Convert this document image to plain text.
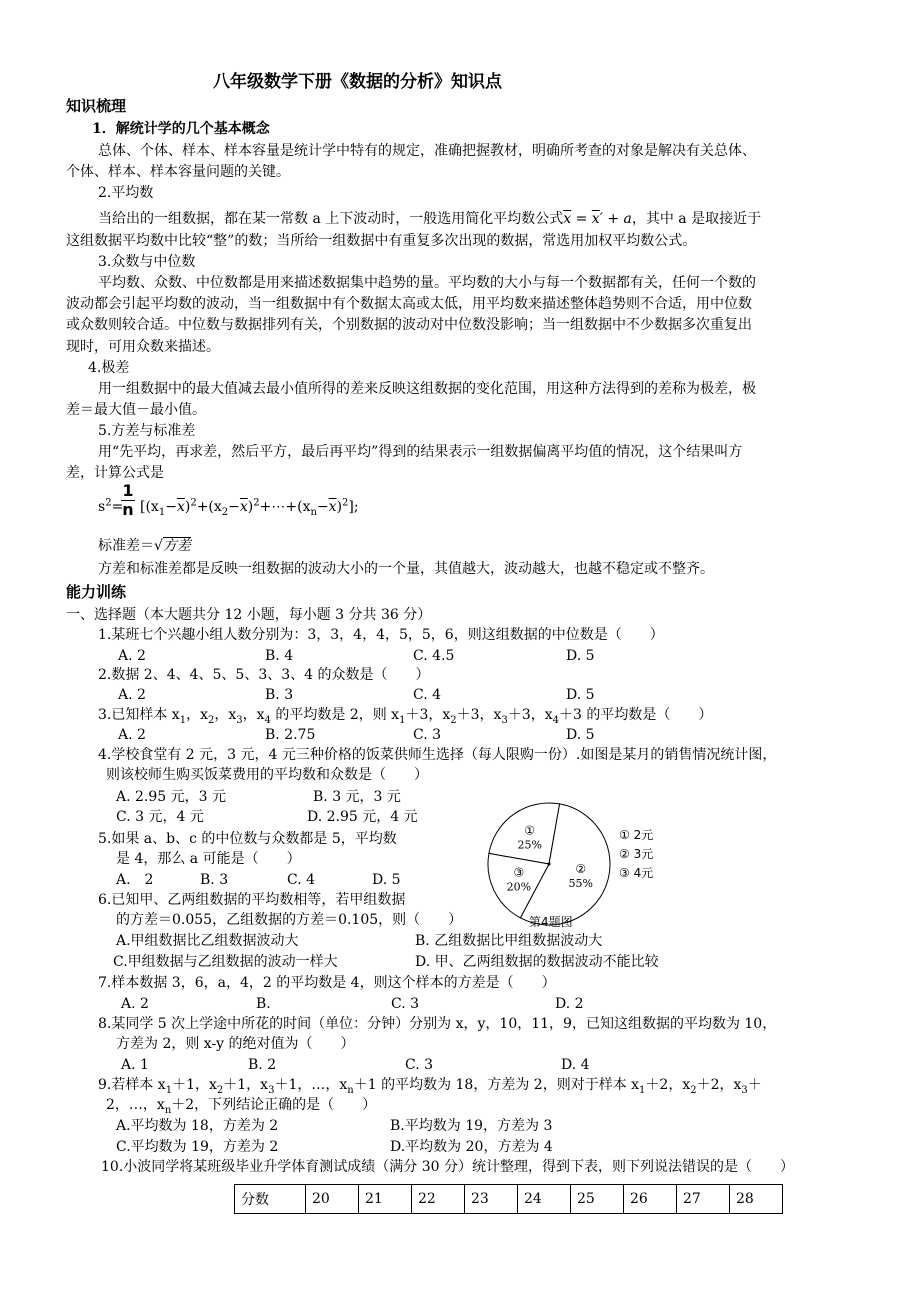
八年级数学下册《数据的分析》知识点
知识梳理
1．解统计学的几个基本概念
总体、个体、样本、样本容量是统计学中特有的规定，准确把握教材，明确所考查的对象是解决有关总体、
个体、样本、样本容量问题的关键。
2.平均数
当给出的一组数据，都在某一常数 a 上下波动时，一般选用简化平均数公式$\overline{x} = \overline{x}' + a$，其中 a 是取接近于
这组数据平均数中比较“整”的数；当所给一组数据中有重复多次出现的数据，常选用加权平均数公式。
3.众数与中位数
平均数、众数、中位数都是用来描述数据集中趋势的量。平均数的大小与每一个数据都有关，任何一个数的
波动都会引起平均数的波动，当一组数据中有个数据太高或太低，用平均数来描述整体趋势则不合适，用中位数
或众数则较合适。中位数与数据排列有关，个别数据的波动对中位数没影响；当一组数据中不少数据多次重复出
现时，可用众数来描述。
4.极差
用一组数据中的最大值减去最小值所得的差来反映这组数据的变化范围，用这种方法得到的差称为极差，极
差＝最大值－最小值。
5.方差与标准差
用“先平均，再求差，然后平方，最后再平均”得到的结果表示一组数据偏离平均值的情况，这个结果叫方
差，计算公式是
$s^2=$
1
n $[(x_1-\overline{x})^2+(x_2-\overline{x})^2+\cdots+(x_n-\overline{x})^2]$;
标准差＝√方差
方差和标准差都是反映一组数据的波动大小的一个量，其值越大，波动越大，也越不稳定或不整齐。
能力训练
一、选择题（本大题共分 12 小题，每小题 3 分共 36 分）
1.某班七个兴趣小组人数分别为：3，3，4，4，5，5，6，则这组数据的中位数是（　　）
A. 2	B. 4	C. 4.5	D. 5
2.数据 2、4、4、5、5、3、3、4 的众数是（　　）
A. 2	B. 3	C. 4	D. 5
3.已知样本 $x_1$，$x_2$，$x_3$，$x_4$ 的平均数是 2，则 $x_1+3$，$x_2+3$，$x_3+3$，$x_4+3$ 的平均数是（　　）
A. 2	B. 2.75	C. 3	D. 5
4.学校食堂有 2 元，3 元，4 元三种价格的饭菜供师生选择（每人限购一份）.如图是某月的销售情况统计图，
则该校师生购买饭菜费用的平均数和众数是（　　）
A. 2.95 元，3 元	B. 3 元，3 元
C. 3 元，4 元	D. 2.95 元，4 元
5.如果 a、b、c 的中位数与众数都是 5，平均数
是 4，那么 a 可能是（　　）
A.　2	B. 3	C. 4	D. 5
6.已知甲、乙两组数据的平均数相等，若甲组数据
的方差＝0.055，乙组数据的方差＝0.105，则（　　）
A.甲组数据比乙组数据波动大	B. 乙组数据比甲组数据波动大
C.甲组数据与乙组数据的波动一样大	D. 甲、乙两组数据的数据波动不能比较
7.样本数据 3，6，a，4，2 的平均数是 4，则这个样本的方差是（　　）
A. 2	B.	C. 3	D. 2
8.某同学 5 次上学途中所花的时间（单位：分钟）分别为 x，y，10，11，9，已知这组数据的平均数为 10，
方差为 2，则 x-y 的绝对值为（　　）
A. 1	B. 2	C. 3	D. 4
9.若样本 $x_1+1$，$x_2+1$，$x_3+1$，…，$x_n+1$ 的平均数为 18，方差为 2，则对于样本 $x_1+2$，$x_2+2$，$x_3+$
2，…，$x_n+2$，下列结论正确的是（　　）
A.平均数为 18，方差为 2	B.平均数为 19，方差为 3
C.平均数为 19，方差为 2	D.平均数为 20，方差为 4
10.小波同学将某班级毕业升学体育测试成绩（满分 30 分）统计整理，得到下表，则下列说法错误的是（　　）
分数	20	21	22	23	24	25	26	27	28
①
25%
②
55%
③
20%
第4题图
① 2元
② 3元
③ 4元
